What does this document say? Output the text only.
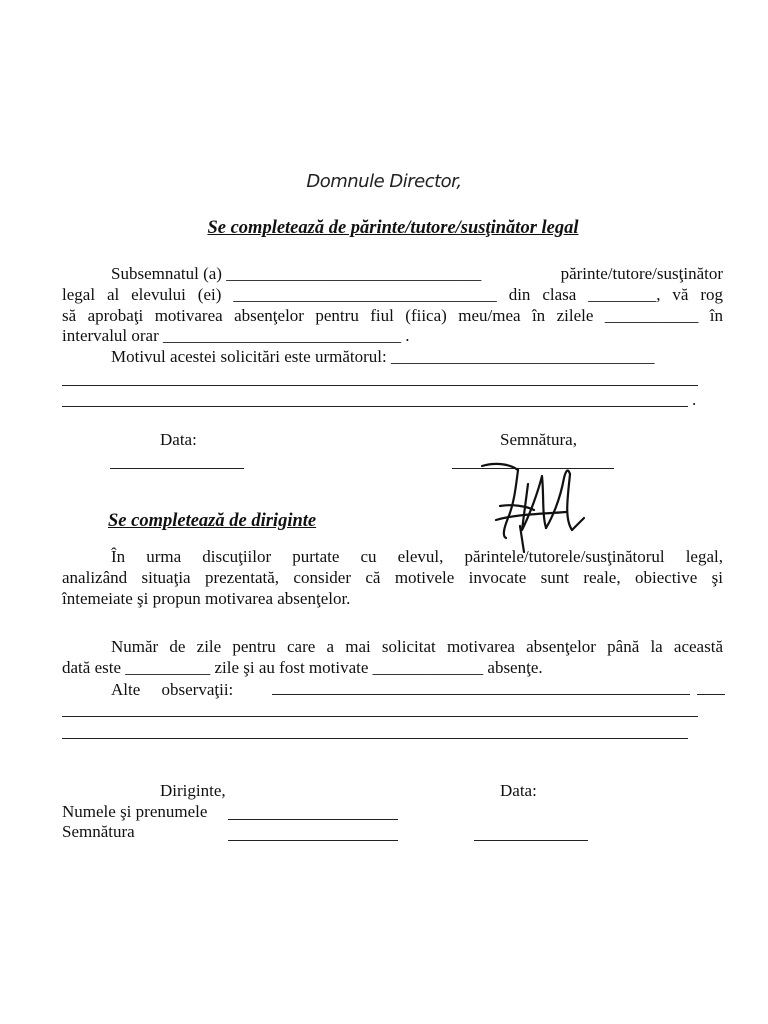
Domnule Director,
Se completează de părinte/tutore/susţinător legal
Subsemnatul (a) ______________________________	părinte/tutore/susţinător
legal al elevului (ei) _______________________________ din clasa ________, vă rog
să aprobaţi motivarea absenţelor pentru fiul (fiica) meu/mea în zilele ___________ în
intervalul orar ____________________________ .
Motivul acestei solicitări este următorul: _______________________________
.
Data:	Semnătura,
Se completează de diriginte
În urma discuţiilor purtate cu elevul, părintele/tutorele/susţinătorul legal,
analizând situaţia prezentată, consider că motivele invocate sunt reale, obiective şi
întemeiate şi propun motivarea absenţelor.
Număr de zile pentru care a mai solicitat motivarea absenţelor până la această
dată este __________ zile şi au fost motivate _____________ absenţe.
Alte     observaţii:
Diriginte,
Numele şi prenumele
Semnătura
Data:
